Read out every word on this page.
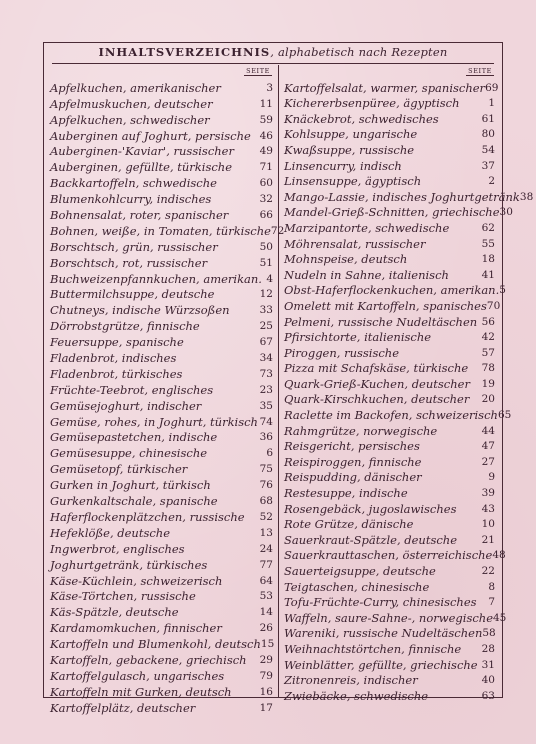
INHALTSVERZEICHNIS, alphabetisch nach Rezepten
SEITE
Apfelkuchen, amerikanischer	3
Apfelmuskuchen, deutscher	11
Apfelkuchen, schwedischer	59
Auberginen auf Joghurt, persische 46
Auberginen-'Kaviar', russischer	49
Auberginen, gefüllte, türkische	71
Backkartoffeln, schwedische	60
Blumenkohlcurry, indisches	32
Bohnensalat, roter, spanischer	66
Bohnen, weiße, in Tomaten, türkische 72
Borschtsch, grün, russischer	50
Borschtsch, rot, russischer	51
Buchweizenpfannkuchen, amerikan. 4
Buttermilchsuppe, deutsche	12
Chutneys, indische Würzsoßen	33
Dörrobstgrütze, finnische	25
Feuersuppe, spanische	67
Fladenbrot, indisches	34
Fladenbrot, türkisches	73
Früchte-Teebrot, englisches	23
Gemüsejoghurt, indischer	35
Gemüse, rohes, in Joghurt, türkisch 74
Gemüsepastetchen, indische	36
Gemüsesuppe, chinesische	6
Gemüsetopf, türkischer	75
Gurken in Joghurt, türkisch	76
Gurkenkaltschale, spanische	68
Haferflockenplätzchen, russische	52
Hefeklöße, deutsche	13
Ingwerbrot, englisches	24
Joghurtgetränk, türkisches	77
Käse-Küchlein, schweizerisch	64
Käse-Törtchen, russische	53
Käs-Spätzle, deutsche	14
Kardamomkuchen, finnischer	26
Kartoffeln und Blumenkohl, deutsch 15
Kartoffeln, gebackene, griechisch	29
Kartoffelgulasch, ungarisches	79
Kartoffeln mit Gurken, deutsch	16
Kartoffelplätz, deutscher	17
SEITE
Kartoffelsalat, warmer, spanischer 69
Kichererbsenpüree, ägyptisch	1
Knäckebrot, schwedisches	61
Kohlsuppe, ungarische	80
Kwaßsuppe, russische	54
Linsencurry, indisch	37
Linsensuppe, ägyptisch	2
Mango-Lassie, indisches Joghurtgetränk 38
Mandel-Grieß-Schnitten, griechische 30
Marzipantorte, schwedische	62
Möhrensalat, russischer	55
Mohnspeise, deutsch	18
Nudeln in Sahne, italienisch	41
Obst-Haferflockenkuchen, amerikan. 5
Omelett mit Kartoffeln, spanisches 70
Pelmeni, russische Nudeltäschen 56
Pfirsichtorte, italienische	42
Piroggen, russische	57
Pizza mit Schafskäse, türkische	78
Quark-Grieß-Kuchen, deutscher	19
Quark-Kirschkuchen, deutscher	20
Raclette im Backofen, schweizerisch 65
Rahmgrütze, norwegische	44
Reisgericht, persisches	47
Reispiroggen, finnische	27
Reispudding, dänischer	9
Restesuppe, indische	39
Rosengebäck, jugoslawisches	43
Rote Grütze, dänische	10
Sauerkraut-Spätzle, deutsche	21
Sauerkrauttaschen, österreichische 48
Sauerteigsuppe, deutsche	22
Teigtaschen, chinesische	8
Tofu-Früchte-Curry, chinesisches	7
Waffeln, saure-Sahne-, norwegische 45
Wareniki, russische Nudeltäschen 58
Weihnachtstörtchen, finnische	28
Weinblätter, gefüllte, griechische 31
Zitronenreis, indischer	40
Zwiebäcke, schwedische	63
